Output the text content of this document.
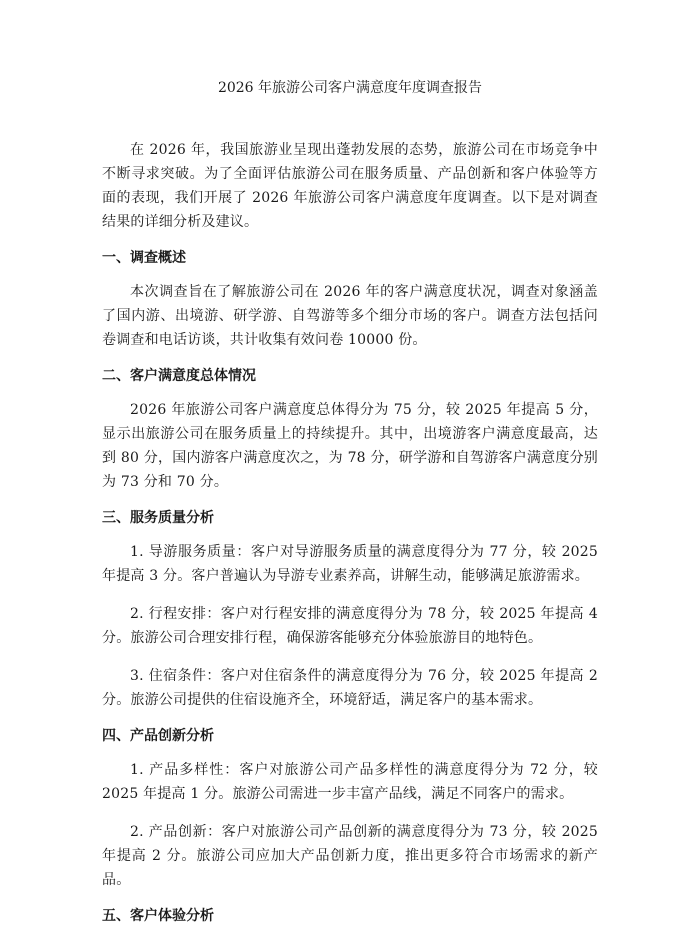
2026 年旅游公司客户满意度年度调查报告

在 2026 年，我国旅游业呈现出蓬勃发展的态势，旅游公司在市场竞争中不断寻求突破。为了全面评估旅游公司在服务质量、产品创新和客户体验等方面的表现，我们开展了 2026 年旅游公司客户满意度年度调查。以下是对调查结果的详细分析及建议。

一、调查概述

本次调查旨在了解旅游公司在 2026 年的客户满意度状况，调查对象涵盖了国内游、出境游、研学游、自驾游等多个细分市场的客户。调查方法包括问卷调查和电话访谈，共计收集有效问卷 10000 份。

二、客户满意度总体情况

2026 年旅游公司客户满意度总体得分为 75 分，较 2025 年提高 5 分，显示出旅游公司在服务质量上的持续提升。其中，出境游客户满意度最高，达到 80 分，国内游客户满意度次之，为 78 分，研学游和自驾游客户满意度分别为 73 分和 70 分。

三、服务质量分析

1. 导游服务质量：客户对导游服务质量的满意度得分为 77 分，较 2025 年提高 3 分。客户普遍认为导游专业素养高，讲解生动，能够满足旅游需求。

2. 行程安排：客户对行程安排的满意度得分为 78 分，较 2025 年提高 4 分。旅游公司合理安排行程，确保游客能够充分体验旅游目的地特色。

3. 住宿条件：客户对住宿条件的满意度得分为 76 分，较 2025 年提高 2 分。旅游公司提供的住宿设施齐全，环境舒适，满足客户的基本需求。

四、产品创新分析

1. 产品多样性：客户对旅游公司产品多样性的满意度得分为 72 分，较 2025 年提高 1 分。旅游公司需进一步丰富产品线，满足不同客户的需求。

2. 产品创新：客户对旅游公司产品创新的满意度得分为 73 分，较 2025 年提高 2 分。旅游公司应加大产品创新力度，推出更多符合市场需求的新产品。

五、客户体验分析
